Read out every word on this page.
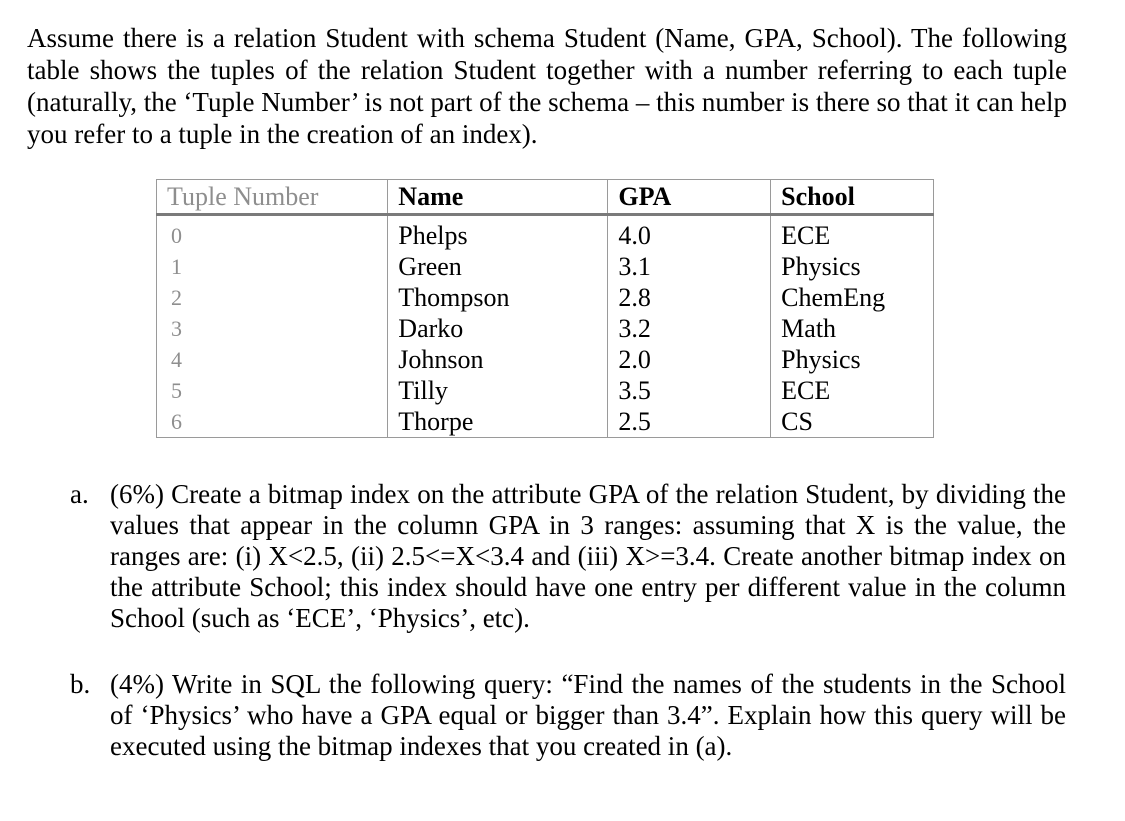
Assume there is a relation Student with schema Student (Name, GPA, School). The following table shows the tuples of the relation Student together with a number referring to each tuple (naturally, the ‘Tuple Number’ is not part of the schema – this number is there so that it can help you refer to a tuple in the creation of an index).

Tuple Number	Name	GPA	School
0	Phelps	4.0	ECE
1	Green	3.1	Physics
2	Thompson	2.8	ChemEng
3	Darko	3.2	Math
4	Johnson	2.0	Physics
5	Tilly	3.5	ECE
6	Thorpe	2.5	CS
a. (6%) Create a bitmap index on the attribute GPA of the relation Student, by dividing the values that appear in the column GPA in 3 ranges: assuming that X is the value, the ranges are: (i) X<2.5, (ii) 2.5<=X<3.4 and (iii) X>=3.4. Create another bitmap index on the attribute School; this index should have one entry per different value in the column School (such as ‘ECE’, ‘Physics’, etc).
b. (4%) Write in SQL the following query: “Find the names of the students in the School of ‘Physics’ who have a GPA equal or bigger than 3.4”. Explain how this query will be executed using the bitmap indexes that you created in (a).
